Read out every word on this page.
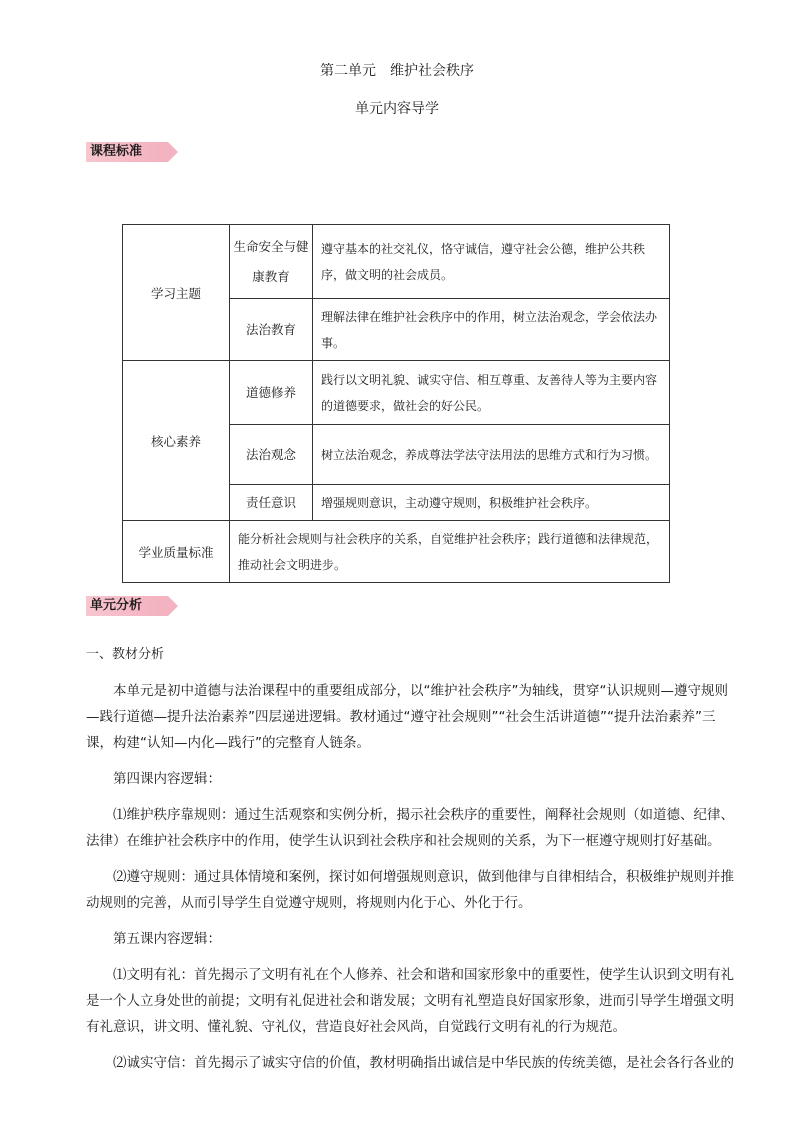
第二单元　维护社会秩序
单元内容导学
课程标准
学习主题	生命安全与健康教育	遵守基本的社交礼仪，恪守诚信，遵守社会公德，维护公共秩序，做文明的社会成员。
	法治教育	理解法律在维护社会秩序中的作用，树立法治观念，学会依法办事。
核心素养	道德修养	践行以文明礼貌、诚实守信、相互尊重、友善待人等为主要内容的道德要求，做社会的好公民。
	法治观念	树立法治观念，养成尊法学法守法用法的思维方式和行为习惯。
	责任意识	增强规则意识，主动遵守规则，积极维护社会秩序。
学业质量标准	能分析社会规则与社会秩序的关系，自觉维护社会秩序；践行道德和法律规范，推动社会文明进步。	
单元分析
一、教材分析

本单元是初中道德与法治课程中的重要组成部分，以“维护社会秩序”为轴线，贯穿“认识规则—遵守规则—践行道德—提升法治素养”四层递进逻辑。教材通过“遵守社会规则”“社会生活讲道德”“提升法治素养”三课，构建“认知—内化—践行”的完整育人链条。

第四课内容逻辑：

⑴维护秩序靠规则：通过生活观察和实例分析，揭示社会秩序的重要性，阐释社会规则（如道德、纪律、法律）在维护社会秩序中的作用，使学生认识到社会秩序和社会规则的关系，为下一框遵守规则打好基础。

⑵遵守规则：通过具体情境和案例，探讨如何增强规则意识，做到他律与自律相结合，积极维护规则并推动规则的完善，从而引导学生自觉遵守规则，将规则内化于心、外化于行。

第五课内容逻辑：

⑴文明有礼：首先揭示了文明有礼在个人修养、社会和谐和国家形象中的重要性，使学生认识到文明有礼是一个人立身处世的前提；文明有礼促进社会和谐发展；文明有礼塑造良好国家形象，进而引导学生增强文明有礼意识，讲文明、懂礼貌、守礼仪，营造良好社会风尚，自觉践行文明有礼的行为规范。

⑵诚实守信：首先揭示了诚实守信的价值，教材明确指出诚信是中华民族的传统美德，是社会各行各业的
